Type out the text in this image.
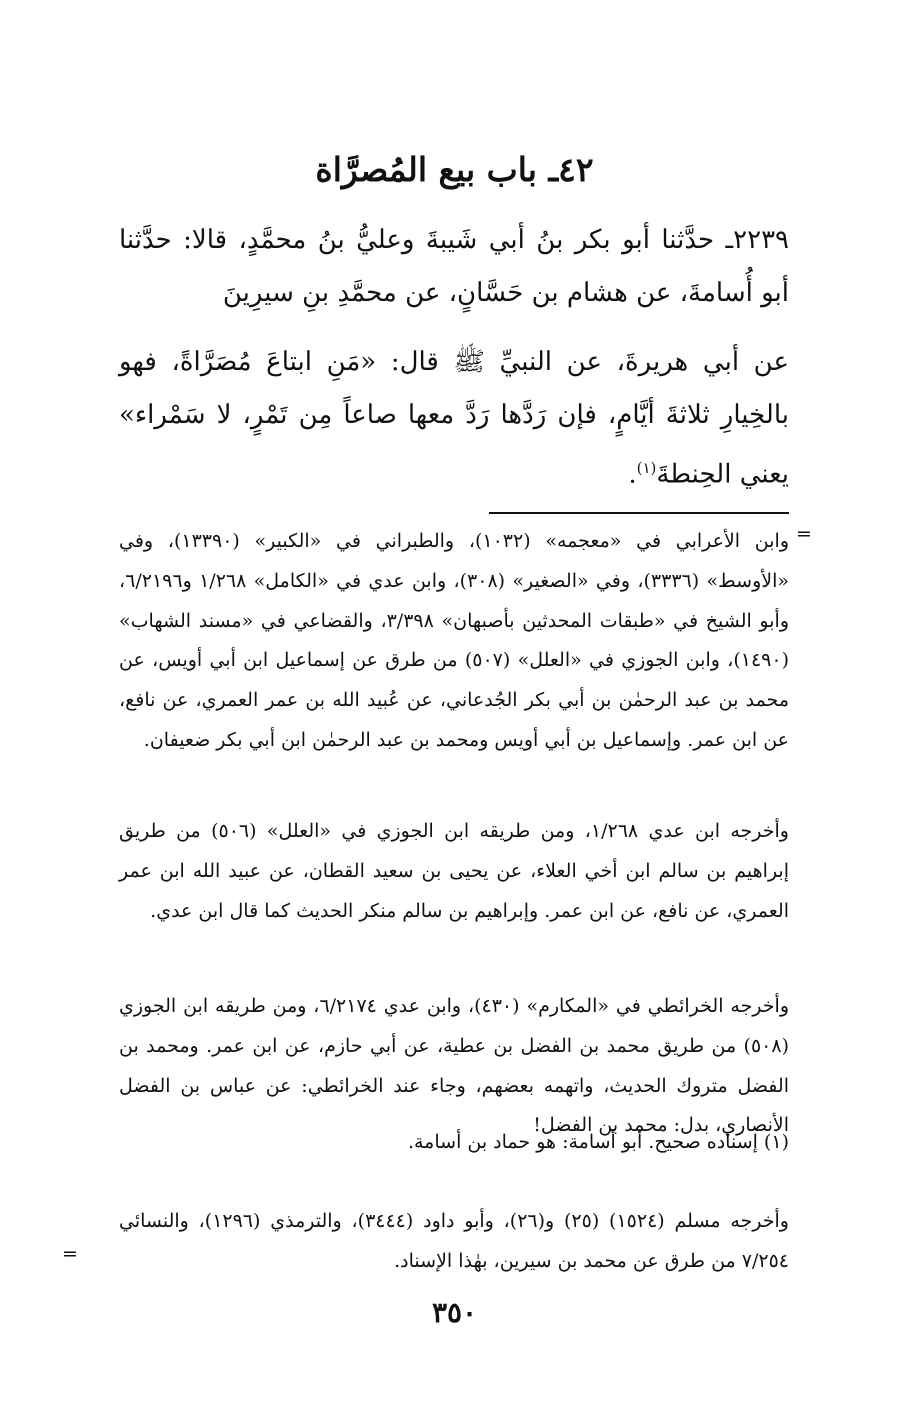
٤٢ـ باب بيع المُصرَّاة

٢٢٣٩ـ حدَّثنا أبو بكر بنُ أبي شَيبةَ وعليُّ بنُ محمَّدٍ، قالا: حدَّثنا أبو أُسامةَ، عن هشام بن حَسَّانٍ، عن محمَّدِ بنِ سيرِينَ

عن أبي هريرةَ، عن النبيِّ ﷺ قال: «مَنِ ابتاعَ مُصَرَّاةً، فهو بالخِيارِ ثلاثةَ أيَّامٍ، فإن رَدَّها رَدَّ معها صاعاً مِن تَمْرٍ، لا سَمْراء» يعني الحِنطةَ$^{(١)}$.

=

وابن الأعرابي في «معجمه» (١٠٣٢)، والطبراني في «الكبير» (١٣٣٩٠)، وفي «الأوسط» (٣٣٣٦)، وفي «الصغير» (٣٠٨)، وابن عدي في «الكامل» ١/٢٦٨ و٦/٢١٩٦، وأبو الشيخ في «طبقات المحدثين بأصبهان» ٣/٣٩٨، والقضاعي في «مسند الشهاب» (١٤٩٠)، وابن الجوزي في «العلل» (٥٠٧) من طرق عن إسماعيل ابن أبي أويس، عن محمد بن عبد الرحمٰن بن أبي بكر الجُدعاني، عن عُبيد الله بن عمر العمري، عن نافع، عن ابن عمر. وإسماعيل بن أبي أويس ومحمد بن عبد الرحمٰن ابن أبي بكر ضعيفان.

وأخرجه ابن عدي ١/٢٦٨، ومن طريقه ابن الجوزي في «العلل» (٥٠٦) من طريق إبراهيم بن سالم ابن أخي العلاء، عن يحيى بن سعيد القطان، عن عبيد الله ابن عمر العمري، عن نافع، عن ابن عمر. وإبراهيم بن سالم منكر الحديث كما قال ابن عدي.

وأخرجه الخرائطي في «المكارم» (٤٣٠)، وابن عدي ٦/٢١٧٤، ومن طريقه ابن الجوزي (٥٠٨) من طريق محمد بن الفضل بن عطية، عن أبي حازم، عن ابن عمر. ومحمد بن الفضل متروك الحديث، واتهمه بعضهم، وجاء عند الخرائطي: عن عباس بن الفضل الأنصاري، بدل: محمد بن الفضل!

(١) إسناده صحيح. أبو أسامة: هو حماد بن أسامة.

وأخرجه مسلم (١٥٢٤) (٢٥) و(٢٦)، وأبو داود (٣٤٤٤)، والترمذي (١٢٩٦)، والنسائي ٧/٢٥٤ من طرق عن محمد بن سيرين، بهٰذا الإسناد.

=
٣٥٠
